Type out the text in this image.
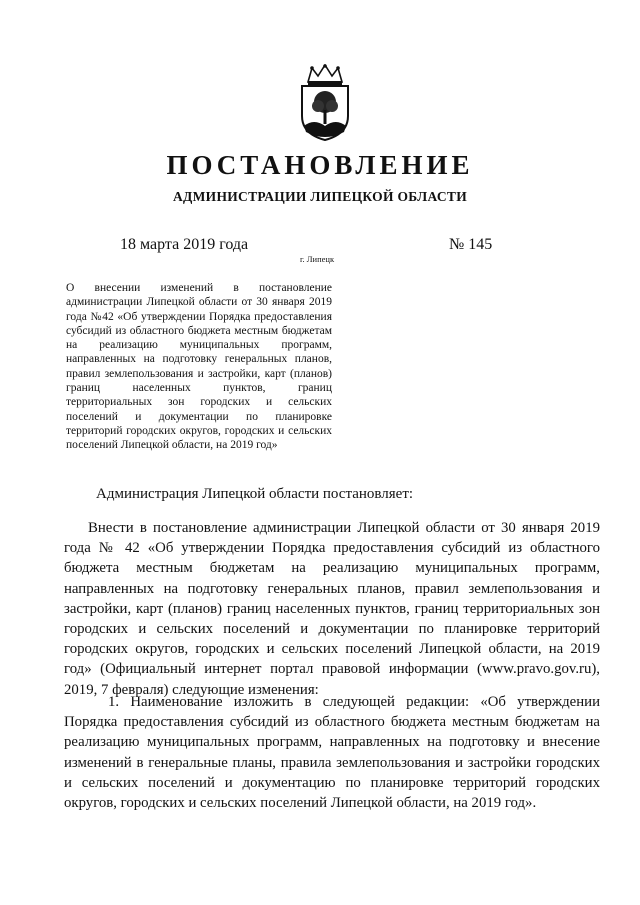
ПОСТАНОВЛЕНИЕ
АДМИНИСТРАЦИИ ЛИПЕЦКОЙ ОБЛАСТИ
18 марта 2019 года
г. Липецк
№ 145
О внесении изменений в постановление администрации Липецкой области от 30 января 2019 года №42 «Об утверждении Порядка предоставления субсидий из областного бюджета местным бюджетам на реализацию муниципальных программ, направленных на подготовку генеральных планов, правил землепользования и застройки, карт (планов) границ населенных пунктов, границ территориальных зон городских и сельских поселений и документации по планировке территорий городских округов, городских и сельских поселений Липецкой области, на 2019 год»
Администрация Липецкой области постановляет:
Внести в постановление администрации Липецкой области от 30 января 2019 года № 42 «Об утверждении Порядка предоставления субсидий из областного бюджета местным бюджетам на реализацию муниципальных программ, направленных на подготовку генеральных планов, правил землепользования и застройки, карт (планов) границ населенных пунктов, границ территориальных зон городских и сельских поселений и документации по планировке территорий городских округов, городских и сельских поселений Липецкой области, на 2019 год» (Официальный интернет портал правовой информации (www.pravo.gov.ru), 2019, 7 февраля) следующие изменения:
1. Наименование изложить в следующей редакции: «Об утверждении Порядка предоставления субсидий из областного бюджета местным бюджетам на реализацию муниципальных программ, направленных на подготовку и внесение изменений в генеральные планы, правила землепользования и застройки городских и сельских поселений и документацию по планировке территорий городских округов, городских и сельских поселений Липецкой области, на 2019 год».
